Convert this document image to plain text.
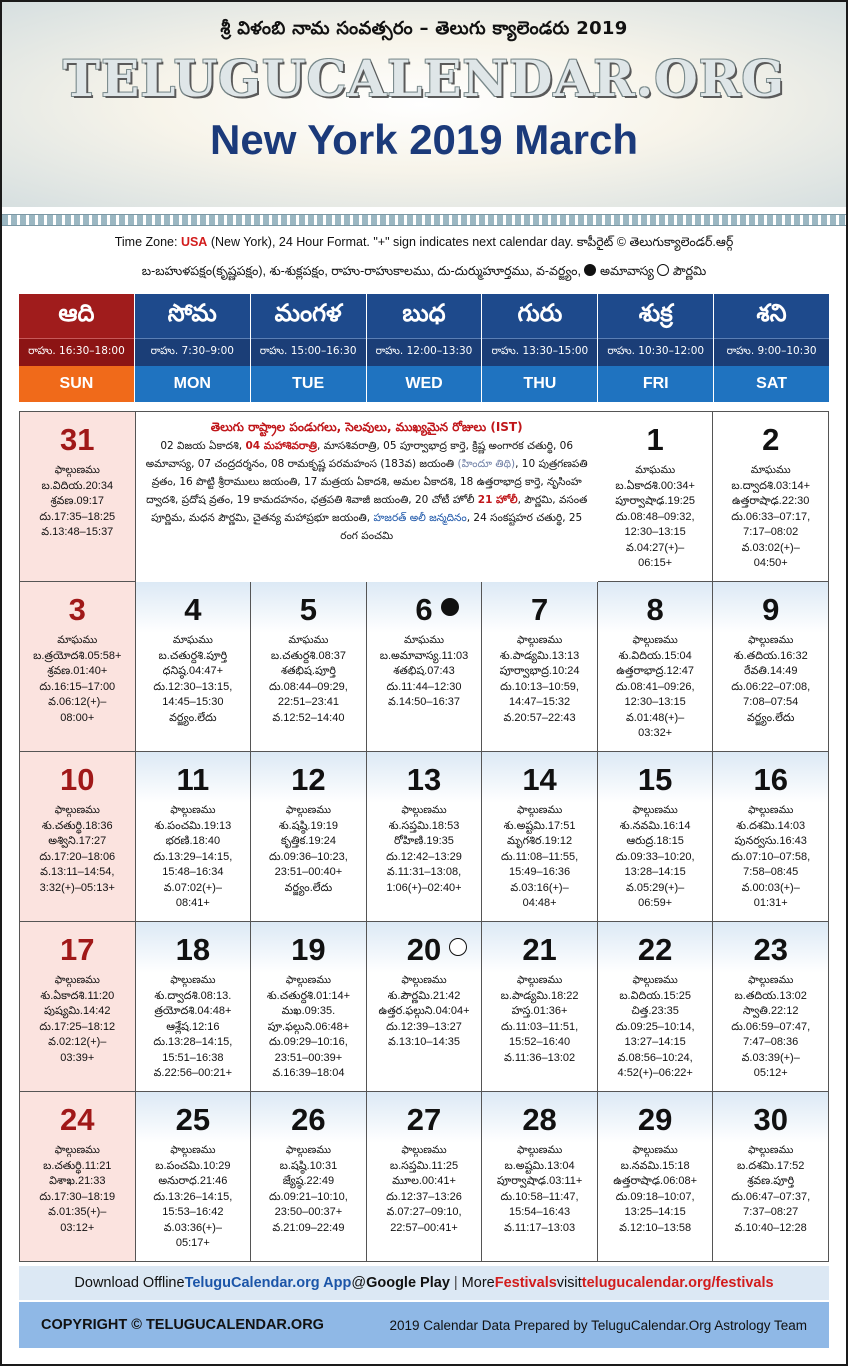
శ్రీ విళంబి నామ సంవత్సరం – తెలుగు క్యాలెండరు 2019
TELUGUCALENDAR.ORG
New York 2019 March
Time Zone: USA (New York), 24 Hour Format. "+" sign indicates next calendar day. కాపీరైట్ © తెలుగుక్యాలెండర్.ఆర్గ్
బ-బహుళపక్షం(కృష్ణపక్షం), శు-శుక్లపక్షం, రాహు-రాహుకాలము, దు-దుర్ముహూర్తము, వ-వర్జ్యం, అమావాస్య పౌర్ణమి
ఆది
రాహు. 16:30–18:00
SUN
సోమ
రాహు. 7:30–9:00
MON
మంగళ
రాహు. 15:00–16:30
TUE
బుధ
రాహు. 12:00–13:30
WED
గురు
రాహు. 13:30–15:00
THU
శుక్ర
రాహు. 10:30–12:00
FRI
శని
రాహు. 9:00–10:30
SAT
31
ఫాల్గుణము
బ.విదియ.20:34
శ్రవణ.09:17
దు.17:35–18:25
వ.13:48–15:37
తెలుగు రాష్ట్రాల పండుగలు, సెలవులు, ముఖ్యమైన రోజులు (IST)
02 విజయ ఏకాదశి, 04 మహాశివరాత్రి, మాసశివరాత్రి, 05 పూర్వాభాద్ర కార్తె, క్రిష్ణ అంగారక చతుర్థి, 06 అమావాస్య, 07 చంద్రదర్శనం, 08 రామకృష్ణ పరమహంస (183వ) జయంతి (హిందూ తిథి), 10 పుత్రగణపతి వ్రతం, 16 పొట్టి శ్రీరాములు జయంతి, 17 మత్రయ ఏకాదశి, అమల ఏకాదశి, 18 ఉత్తరాభాద్ర కార్తె, నృసింహ ద్వాదశి, ప్రదోష వ్రతం, 19 కామదహనం, ఛత్రపతి శివాజీ జయంతి, 20 చోటీ హోలీ 21 హోలీ, పౌర్ణమి, వసంత పూర్ణిమ, మధన పౌర్ణమి, చైతన్య మహాప్రభూ జయంతి, హజరత్ అలీ జన్మదినం, 24 సంకష్టహర చతుర్థి, 25 రంగ పంచమి
1
మాఘము
బ.ఏకాదశి.00:34+
పూర్వాషాఢ.19:25
దు.08:48–09:32,
12:30–13:15
వ.04:27(+)–
06:15+
2
మాఘము
బ.ద్వాదశి.03:14+
ఉత్తరాషాఢ.22:30
దు.06:33–07:17,
7:17–08:02
వ.03:02(+)–
04:50+
3
మాఘము
బ.త్రయోదశి.05:58+
శ్రవణ.01:40+
దు.16:15–17:00
వ.06:12(+)–
08:00+
4
మాఘము
బ.చతుర్దశి.పూర్తి
ధనిష్ఠ.04:47+
దు.12:30–13:15,
14:45–15:30
వర్జ్యం.లేదు
5
మాఘము
బ.చతుర్దశి.08:37
శతభిష.పూర్తి
దు.08:44–09:29,
22:51–23:41
వ.12:52–14:40
6
మాఘము
బ.అమావాస్య.11:03
శతభిష.07:43
దు.11:44–12:30
వ.14:50–16:37
7
ఫాల్గుణము
శు.పాడ్యమి.13:13
పూర్వాభాద్ర.10:24
దు.10:13–10:59,
14:47–15:32
వ.20:57–22:43
8
ఫాల్గుణము
శు.విదియ.15:04
ఉత్తరాభాద్ర.12:47
దు.08:41–09:26,
12:30–13:15
వ.01:48(+)–
03:32+
9
ఫాల్గుణము
శు.తదియ.16:32
రేవతి.14:49
దు.06:22–07:08,
7:08–07:54
వర్జ్యం.లేదు
10
ఫాల్గుణము
శు.చతుర్థి.18:36
అశ్విని.17:27
దు.17:20–18:06
వ.13:11–14:54,
3:32(+)–05:13+
11
ఫాల్గుణము
శు.పంచమి.19:13
భరణి.18:40
దు.13:29–14:15,
15:48–16:34
వ.07:02(+)–
08:41+
12
ఫాల్గుణము
శు.షష్ఠి.19:19
కృత్తిక.19:24
దు.09:36–10:23,
23:51–00:40+
వర్జ్యం.లేదు
13
ఫాల్గుణము
శు.సప్తమి.18:53
రోహిణి.19:35
దు.12:42–13:29
వ.11:31–13:08,
1:06(+)–02:40+
14
ఫాల్గుణము
శు.అష్టమి.17:51
మృగశిర.19:12
దు.11:08–11:55,
15:49–16:36
వ.03:16(+)–
04:48+
15
ఫాల్గుణము
శు.నవమి.16:14
ఆరుద్ర.18:15
దు.09:33–10:20,
13:28–14:15
వ.05:29(+)–
06:59+
16
ఫాల్గుణము
శు.దశమి.14:03
పునర్వసు.16:43
దు.07:10–07:58,
7:58–08:45
వ.00:03(+)–
01:31+
17
ఫాల్గుణము
శు.ఏకాదశి.11:20
పుష్యమి.14:42
దు.17:25–18:12
వ.02:12(+)–
03:39+
18
ఫాల్గుణము
శు.ద్వాదశి.08:13.
త్రయోదశి.04:48+
ఆశ్లేష.12:16
దు.13:28–14:15,
15:51–16:38
వ.22:56–00:21+
19
ఫాల్గుణము
శు.చతుర్దశి.01:14+
మఖ.09:35.
పూ.ఫల్గుని.06:48+
దు.09:29–10:16,
23:51–00:39+
వ.16:39–18:04
20
ఫాల్గుణము
శు.పౌర్ణమి.21:42
ఉత్తర.ఫల్గుని.04:04+
దు.12:39–13:27
వ.13:10–14:35
21
ఫాల్గుణము
బ.పాడ్యమి.18:22
హస్త.01:36+
దు.11:03–11:51,
15:52–16:40
వ.11:36–13:02
22
ఫాల్గుణము
బ.విదియ.15:25
చిత్త.23:35
దు.09:25–10:14,
13:27–14:15
వ.08:56–10:24,
4:52(+)–06:22+
23
ఫాల్గుణము
బ.తదియ.13:02
స్వాతి.22:12
దు.06:59–07:47,
7:47–08:36
వ.03:39(+)–
05:12+
24
ఫాల్గుణము
బ.చతుర్థి.11:21
విశాఖ.21:33
దు.17:30–18:19
వ.01:35(+)–
03:12+
25
ఫాల్గుణము
బ.పంచమి.10:29
అనురాధ.21:46
దు.13:26–14:15,
15:53–16:42
వ.03:36(+)–
05:17+
26
ఫాల్గుణము
బ.షష్ఠి.10:31
జ్యేష్ఠ.22:49
దు.09:21–10:10,
23:50–00:37+
వ.21:09–22:49
27
ఫాల్గుణము
బ.సప్తమి.11:25
మూల.00:41+
దు.12:37–13:26
వ.07:27–09:10,
22:57–00:41+
28
ఫాల్గుణము
బ.అష్టమి.13:04
పూర్వాషాఢ.03:11+
దు.10:58–11:47,
15:54–16:43
వ.11:17–13:03
29
ఫాల్గుణము
బ.నవమి.15:18
ఉత్తరాషాఢ.06:08+
దు.09:18–10:07,
13:25–14:15
వ.12:10–13:58
30
ఫాల్గుణము
బ.దశమి.17:52
శ్రవణ.పూర్తి
దు.06:47–07:37,
7:37–08:27
వ.10:40–12:28
Download Offline TeluguCalendar.org App @ Google Play | More Festivals visit telugucalendar.org/festivals
COPYRIGHT © TELUGUCALENDAR.ORG	2019 Calendar Data Prepared by TeluguCalendar.Org Astrology Team
